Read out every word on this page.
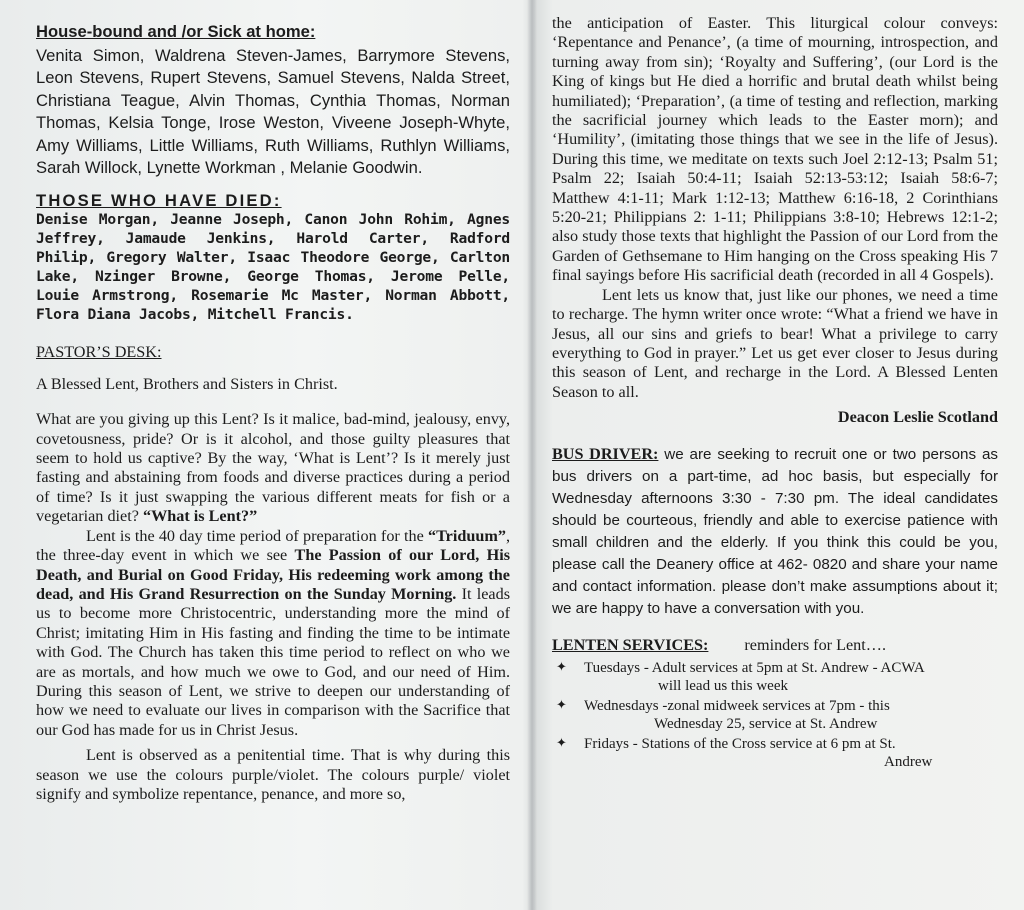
House-bound and /or Sick at home:

Venita Simon, Waldrena Steven-James, Barrymore Stevens, Leon Stevens, Rupert Stevens, Samuel Stevens, Nalda Street, Christiana Teague, Alvin Thomas, Cynthia Thomas, Norman Thomas, Kelsia Tonge, Irose Weston, Viveene Joseph-Whyte, Amy Williams, Little Williams, Ruth Williams, Ruthlyn Williams, Sarah Willock, Lynette Workman , Melanie Goodwin.

THOSE WHO HAVE DIED:

Denise Morgan, Jeanne Joseph, Canon John Rohim, Agnes Jeffrey, Jamaude Jenkins, Harold Carter, Radford Philip, Gregory Walter, Isaac Theodore George, Carlton Lake, Nzinger Browne, George Thomas, Jerome Pelle, Louie Armstrong, Rosemarie Mc Master, Norman Abbott, Flora Diana Jacobs, Mitchell Francis.

PASTOR’S DESK:

A Blessed Lent, Brothers and Sisters in Christ.

What are you giving up this Lent? Is it malice, bad-mind, jealousy, envy, covetousness, pride? Or is it alcohol, and those guilty pleasures that seem to hold us captive? By the way, ‘What is Lent’? Is it merely just fasting and abstaining from foods and diverse practices during a period of time? Is it just swapping the various different meats for fish or a vegetarian diet? “What is Lent?”

Lent is the 40 day time period of preparation for the “Triduum”, the three-day event in which we see The Passion of our Lord, His Death, and Burial on Good Friday, His redeeming work among the dead, and His Grand Resurrection on the Sunday Morning. It leads us to become more Christocentric, understanding more the mind of Christ; imitating Him in His fasting and finding the time to be intimate with God. The Church has taken this time period to reflect on who we are as mortals, and how much we owe to God, and our need of Him. During this season of Lent, we strive to deepen our understanding of how we need to evaluate our lives in comparison with the Sacrifice that our God has made for us in Christ Jesus.

Lent is observed as a penitential time. That is why during this season we use the colours purple/violet. The colours purple/ violet signify and symbolize repentance, penance, and more so,

the anticipation of Easter. This liturgical colour conveys: ‘Repentance and Penance’, (a time of mourning, introspection, and turning away from sin); ‘Royalty and Suffering’, (our Lord is the King of kings but He died a horrific and brutal death whilst being humiliated); ‘Preparation’, (a time of testing and reflection, marking the sacrificial journey which leads to the Easter morn); and ‘Humility’, (imitating those things that we see in the life of Jesus). During this time, we meditate on texts such Joel 2:12-13; Psalm 51; Psalm 22; Isaiah 50:4-11; Isaiah 52:13-53:12; Isaiah 58:6-7; Matthew 4:1-11; Mark 1:12-13; Matthew 6:16-18, 2 Corinthians 5:20-21; Philippians 2: 1-11; Philippians 3:8-10; Hebrews 12:1-2; also study those texts that highlight the Passion of our Lord from the Garden of Gethsemane to Him hanging on the Cross speaking His 7 final sayings before His sacrificial death (recorded in all 4 Gospels).

Lent lets us know that, just like our phones, we need a time to recharge. The hymn writer once wrote: “What a friend we have in Jesus, all our sins and griefs to bear! What a privilege to carry everything to God in prayer.” Let us get ever closer to Jesus during this season of Lent, and recharge in the Lord. A Blessed Lenten Season to all.

Deacon Leslie Scotland

BUS DRIVER: we are seeking to recruit one or two persons as bus drivers on a part-time, ad hoc basis, but especially for Wednesday afternoons 3:30 - 7:30 pm. The ideal candidates should be courteous, friendly and able to exercise patience with small children and the elderly. If you think this could be you, please call the Deanery office at 462- 0820 and share your name and contact information. please don’t make assumptions about it; we are happy to have a conversation with you.

LENTEN SERVICES: reminders for Lent….

✦ Tuesdays - Adult services at 5pm at St. Andrew - ACWA
will lead us this week
✦ Wednesdays -zonal midweek services at 7pm - this
Wednesday 25, service at St. Andrew
✦ Fridays - Stations of the Cross service at 6 pm at St.
Andrew
